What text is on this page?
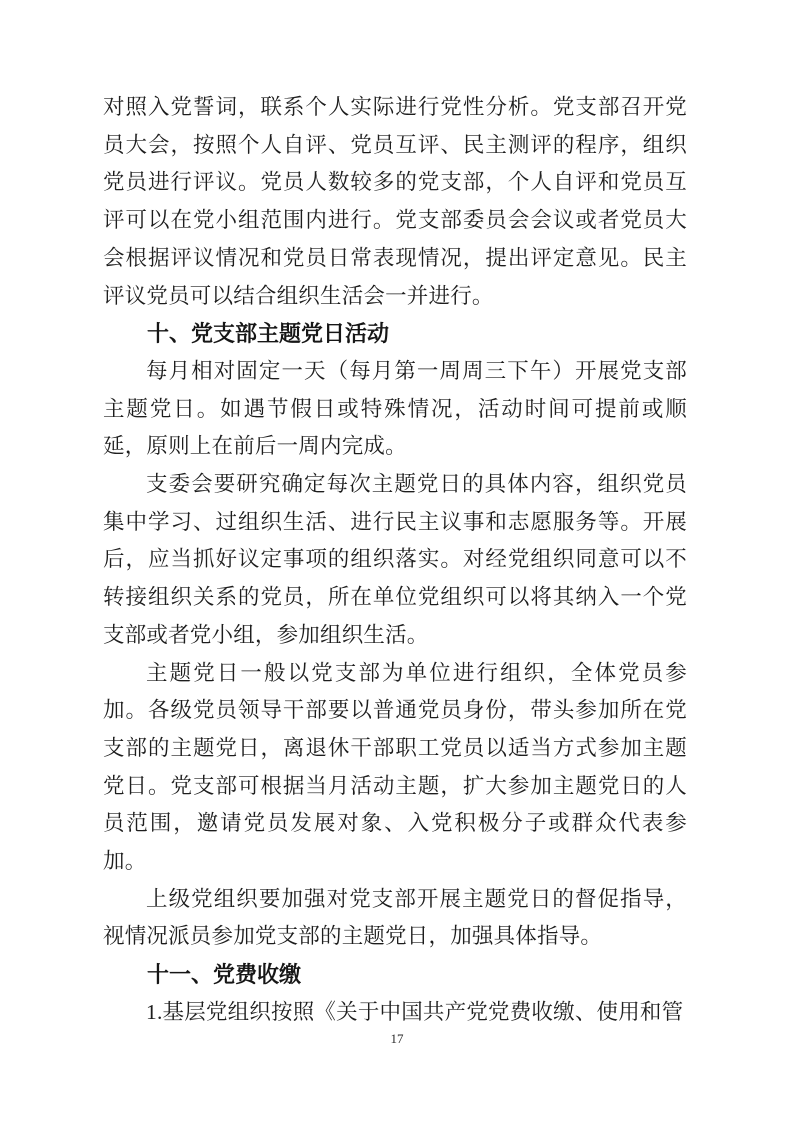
对照入党誓词，联系个人实际进行党性分析。党支部召开党员大会，按照个人自评、党员互评、民主测评的程序，组织党员进行评议。党员人数较多的党支部，个人自评和党员互评可以在党小组范围内进行。党支部委员会会议或者党员大会根据评议情况和党员日常表现情况，提出评定意见。民主评议党员可以结合组织生活会一并进行。

十、党支部主题党日活动

每月相对固定一天（每月第一周周三下午）开展党支部主题党日。如遇节假日或特殊情况，活动时间可提前或顺延，原则上在前后一周内完成。

支委会要研究确定每次主题党日的具体内容，组织党员集中学习、过组织生活、进行民主议事和志愿服务等。开展后，应当抓好议定事项的组织落实。对经党组织同意可以不转接组织关系的党员，所在单位党组织可以将其纳入一个党支部或者党小组，参加组织生活。

主题党日一般以党支部为单位进行组织，全体党员参加。各级党员领导干部要以普通党员身份，带头参加所在党支部的主题党日，离退休干部职工党员以适当方式参加主题党日。党支部可根据当月活动主题，扩大参加主题党日的人员范围，邀请党员发展对象、入党积极分子或群众代表参加。

上级党组织要加强对党支部开展主题党日的督促指导，视情况派员参加党支部的主题党日，加强具体指导。

十一、党费收缴

1.基层党组织按照《关于中国共产党党费收缴、使用和管

17
